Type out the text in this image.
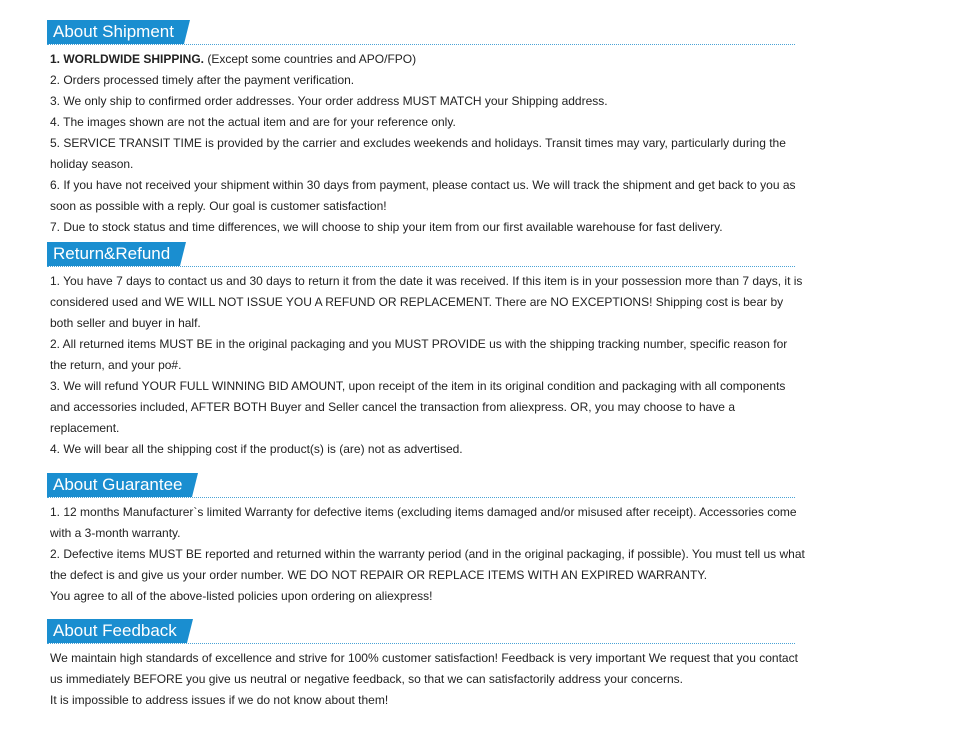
About Shipment

1. WORLDWIDE SHIPPING. (Except some countries and APO/FPO)

2. Orders processed timely after the payment verification.

3. We only ship to confirmed order addresses. Your order address MUST MATCH your Shipping address.

4. The images shown are not the actual item and are for your reference only.

5. SERVICE TRANSIT TIME is provided by the carrier and excludes weekends and holidays. Transit times may vary, particularly during the holiday season.

6. If you have not received your shipment within 30 days from payment, please contact us. We will track the shipment and get back to you as soon as possible with a reply. Our goal is customer satisfaction!

7. Due to stock status and time differences, we will choose to ship your item from our first available warehouse for fast delivery.

Return&Refund

1. You have 7 days to contact us and 30 days to return it from the date it was received. If this item is in your possession more than 7 days, it is considered used and WE WILL NOT ISSUE YOU A REFUND OR REPLACEMENT. There are NO EXCEPTIONS! Shipping cost is bear by both seller and buyer in half.

2. All returned items MUST BE in the original packaging and you MUST PROVIDE us with the shipping tracking number, specific reason for the return, and your po#.

3. We will refund YOUR FULL WINNING BID AMOUNT, upon receipt of the item in its original condition and packaging with all components and accessories included, AFTER BOTH Buyer and Seller cancel the transaction from aliexpress. OR, you may choose to have a replacement.

4. We will bear all the shipping cost if the product(s) is (are) not as advertised.

About Guarantee

1. 12 months Manufacturer`s limited Warranty for defective items (excluding items damaged and/or misused after receipt). Accessories come with a 3-month warranty.

2. Defective items MUST BE reported and returned within the warranty period (and in the original packaging, if possible). You must tell us what the defect is and give us your order number. WE DO NOT REPAIR OR REPLACE ITEMS WITH AN EXPIRED WARRANTY.

You agree to all of the above-listed policies upon ordering on aliexpress!

About Feedback

We maintain high standards of excellence and strive for 100% customer satisfaction! Feedback is very important We request that you contact us immediately BEFORE you give us neutral or negative feedback, so that we can satisfactorily address your concerns.

It is impossible to address issues if we do not know about them!
